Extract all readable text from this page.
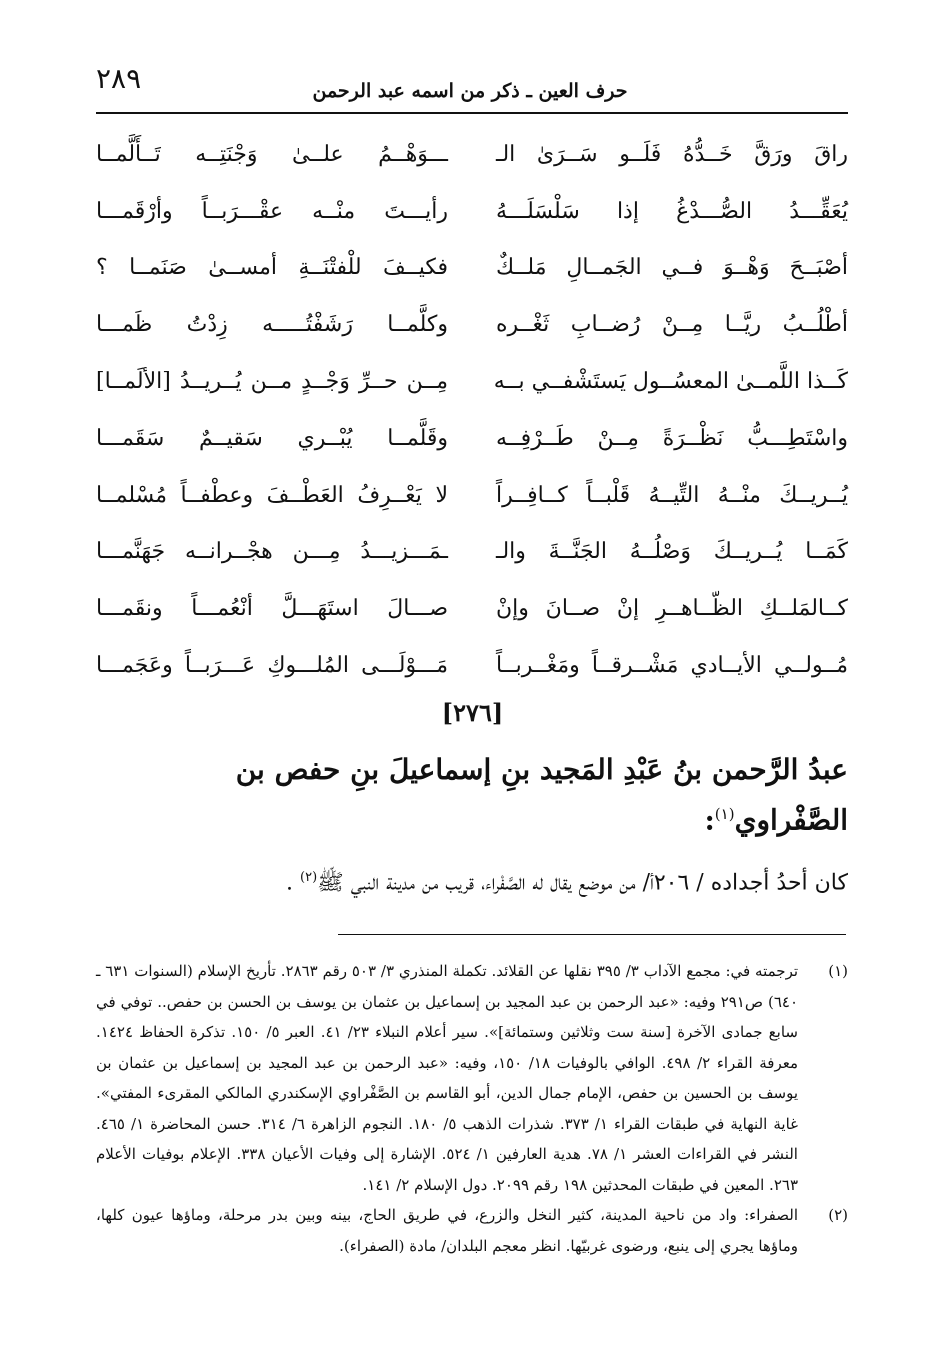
٢٨٩	حرف العين ـ ذكر من اسمه عبد الرحمن
راقَ ورَقَّ خَــدُّهُ فَلَــو سَــرَىٰ الـ
ـــوَهْــمُ علــىٰ وَجْنَتِــه تَــأَلَّمــا
يُعَقِّـــدُ الصُّـــدْغُ إذا سَلْسَلَـــهُ
رأيـــتَ منْــه عقْـــرَبــاً وأرْقَمـــا
أصْبَــحَ وَهْــوَ فــي الجَمــالِ مَلــكٌ
فكيــفَ للْفتْنَــةِ أمســىٰ صَنَمــا ؟
أطْلُــبُ ريَّــا مِــنْ رُضــابِ ثَغْــره
وكلَّمــا رَشَفْتُـــــه زِدْتُ ظَمـــا
كَــذا اللَّمــىٰ المعسُــول يَستَشْفــي بــه
مِــن حــرِّ وَجْــدٍ مــن يُــريــدُ [الألَمــا]
واسْتَطِـــبُّ نَظْــرَةً مِــنْ طَــرْفِــه
وقَلَّمــا يُبْــري سَقيــمٌ سَقَمـــا
يُــريــكَ منْــهُ التِّيــهُ قَلْبــاً كــافِــراً
لا يَعْــرِفُ العَطْــفَ وعطْفــاً مُسْلمــا
كَمَــا يُــريــكَ وَصْلُــهُ الجَنَّــةَ والـ
ـمَـــزيـــدُ مِـــن هجْــرانــه جَهَنَّمـــا
كــالمَلــكِ الظّــاهــرِ إنْ صــانَ وإنْ
صـــالَ استَهَـــلَّ أنْعُمـــاً ونقَمـــا
مُــولــي الأيــادي مَشْــرقــاً ومَغْــربــاً
مَـــوْلَـــى المُلـــوكِ عَـــرَبــاً وعَجَمـــا
[٢٧٦]
عبدُ الرَّحمن بنُ عَبْدِ المَجيد بنِ إسماعيلَ بنِ حفص بن الصَّفْراوي$^{(١)}$:
كان أحدُ أجداده / ٢٠٦أ/ من موضع يقال له الصَّفْراء، قريب من مدينة النبي ﷺ$^{(٢)}$ .
(١)
ترجمته في: مجمع الآداب ٣/ ٣٩٥ نقلها عن القلائد. تكملة المنذري ٣/ ٥٠٣ رقم ٢٨٦٣. تأريخ الإسلام (السنوات ٦٣١ ـ ٦٤٠) ص٢٩١ وفيه: «عبد الرحمن بن عبد المجيد بن إسماعيل بن عثمان بن يوسف بن الحسن بن حفص.. توفي في سابع جمادى الآخرة [سنة ست وثلاثين وستمائة]». سير أعلام النبلاء ٢٣/ ٤١. العبر ٥/ ١٥٠. تذكرة الحفاظ ١٤٢٤. معرفة القراء ٢/ ٤٩٨. الوافي بالوفيات ١٨/ ١٥٠، وفيه: «عبد الرحمن بن عبد المجيد بن إسماعيل بن عثمان بن يوسف بن الحسين بن حفص، الإمام جمال الدين، أبو القاسم بن الصَّفْراوي الإسكندري المالكي المقرىء المفتي». غاية النهاية في طبقات القراء ١/ ٣٧٣. شذرات الذهب ٥/ ١٨٠. النجوم الزاهرة ٦/ ٣١٤. حسن المحاضرة ١/ ٤٦٥. النشر في القراءات العشر ١/ ٧٨. هدية العارفين ١/ ٥٢٤. الإشارة إلى وفيات الأعيان ٣٣٨. الإعلام بوفيات الأعلام ٢٦٣. المعين في طبقات المحدثين ١٩٨ رقم ٢٠٩٩. دول الإسلام ٢/ ١٤١.
(٢)
الصفراء: واد من ناحية المدينة، كثير النخل والزرع، في طريق الحاج، بينه وبين بدر مرحلة، وماؤها عيون كلها، وماؤها يجري إلى ينبع، ورضوى غربيّها. انظر معجم البلدان/ مادة (الصفراء).
